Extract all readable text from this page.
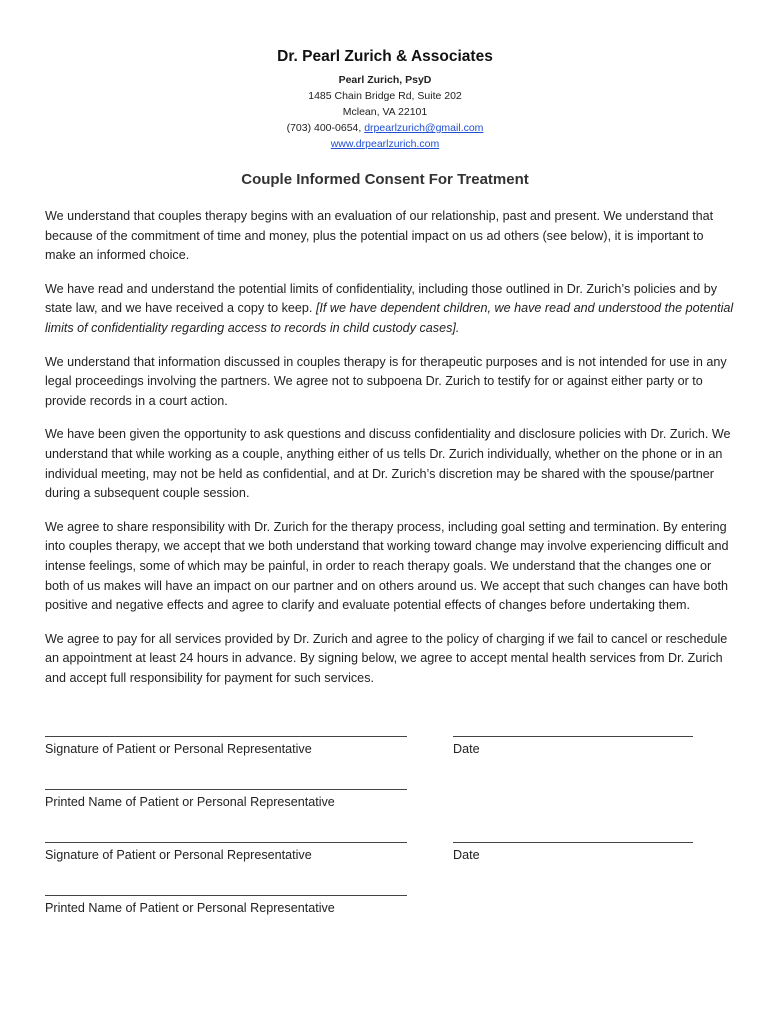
Dr. Pearl Zurich & Associates
Pearl Zurich, PsyD
1485 Chain Bridge Rd, Suite 202
Mclean, VA 22101
(703) 400-0654, drpearlzurich@gmail.com
www.drpearlzurich.com
Couple Informed Consent For Treatment

We understand that couples therapy begins with an evaluation of our relationship, past and present. We understand that because of the commitment of time and money, plus the potential impact on us ad others (see below), it is important to make an informed choice.

We have read and understand the potential limits of confidentiality, including those outlined in Dr. Zurich’s policies and by state law, and we have received a copy to keep. [If we have dependent children, we have read and understood the potential limits of confidentiality regarding access to records in child custody cases].

We understand that information discussed in couples therapy is for therapeutic purposes and is not intended for use in any legal proceedings involving the partners. We agree not to subpoena Dr. Zurich to testify for or against either party or to provide records in a court action.

We have been given the opportunity to ask questions and discuss confidentiality and disclosure policies with Dr. Zurich. We understand that while working as a couple, anything either of us tells Dr. Zurich individually, whether on the phone or in an individual meeting, may not be held as confidential, and at Dr. Zurich’s discretion may be shared with the spouse/partner during a subsequent couple session.

We agree to share responsibility with Dr. Zurich for the therapy process, including goal setting and termination. By entering into couples therapy, we accept that we both understand that working toward change may involve experiencing difficult and intense feelings, some of which may be painful, in order to reach therapy goals. We understand that the changes one or both of us makes will have an impact on our partner and on others around us. We accept that such changes can have both positive and negative effects and agree to clarify and evaluate potential effects of changes before undertaking them.

We agree to pay for all services provided by Dr. Zurich and agree to the policy of charging if we fail to cancel or reschedule an appointment at least 24 hours in advance. By signing below, we agree to accept mental health services from Dr. Zurich and accept full responsibility for payment for such services.

Signature of Patient or Personal Representative	Date
Printed Name of Patient or Personal Representative
Signature of Patient or Personal Representative	Date
Printed Name of Patient or Personal Representative
